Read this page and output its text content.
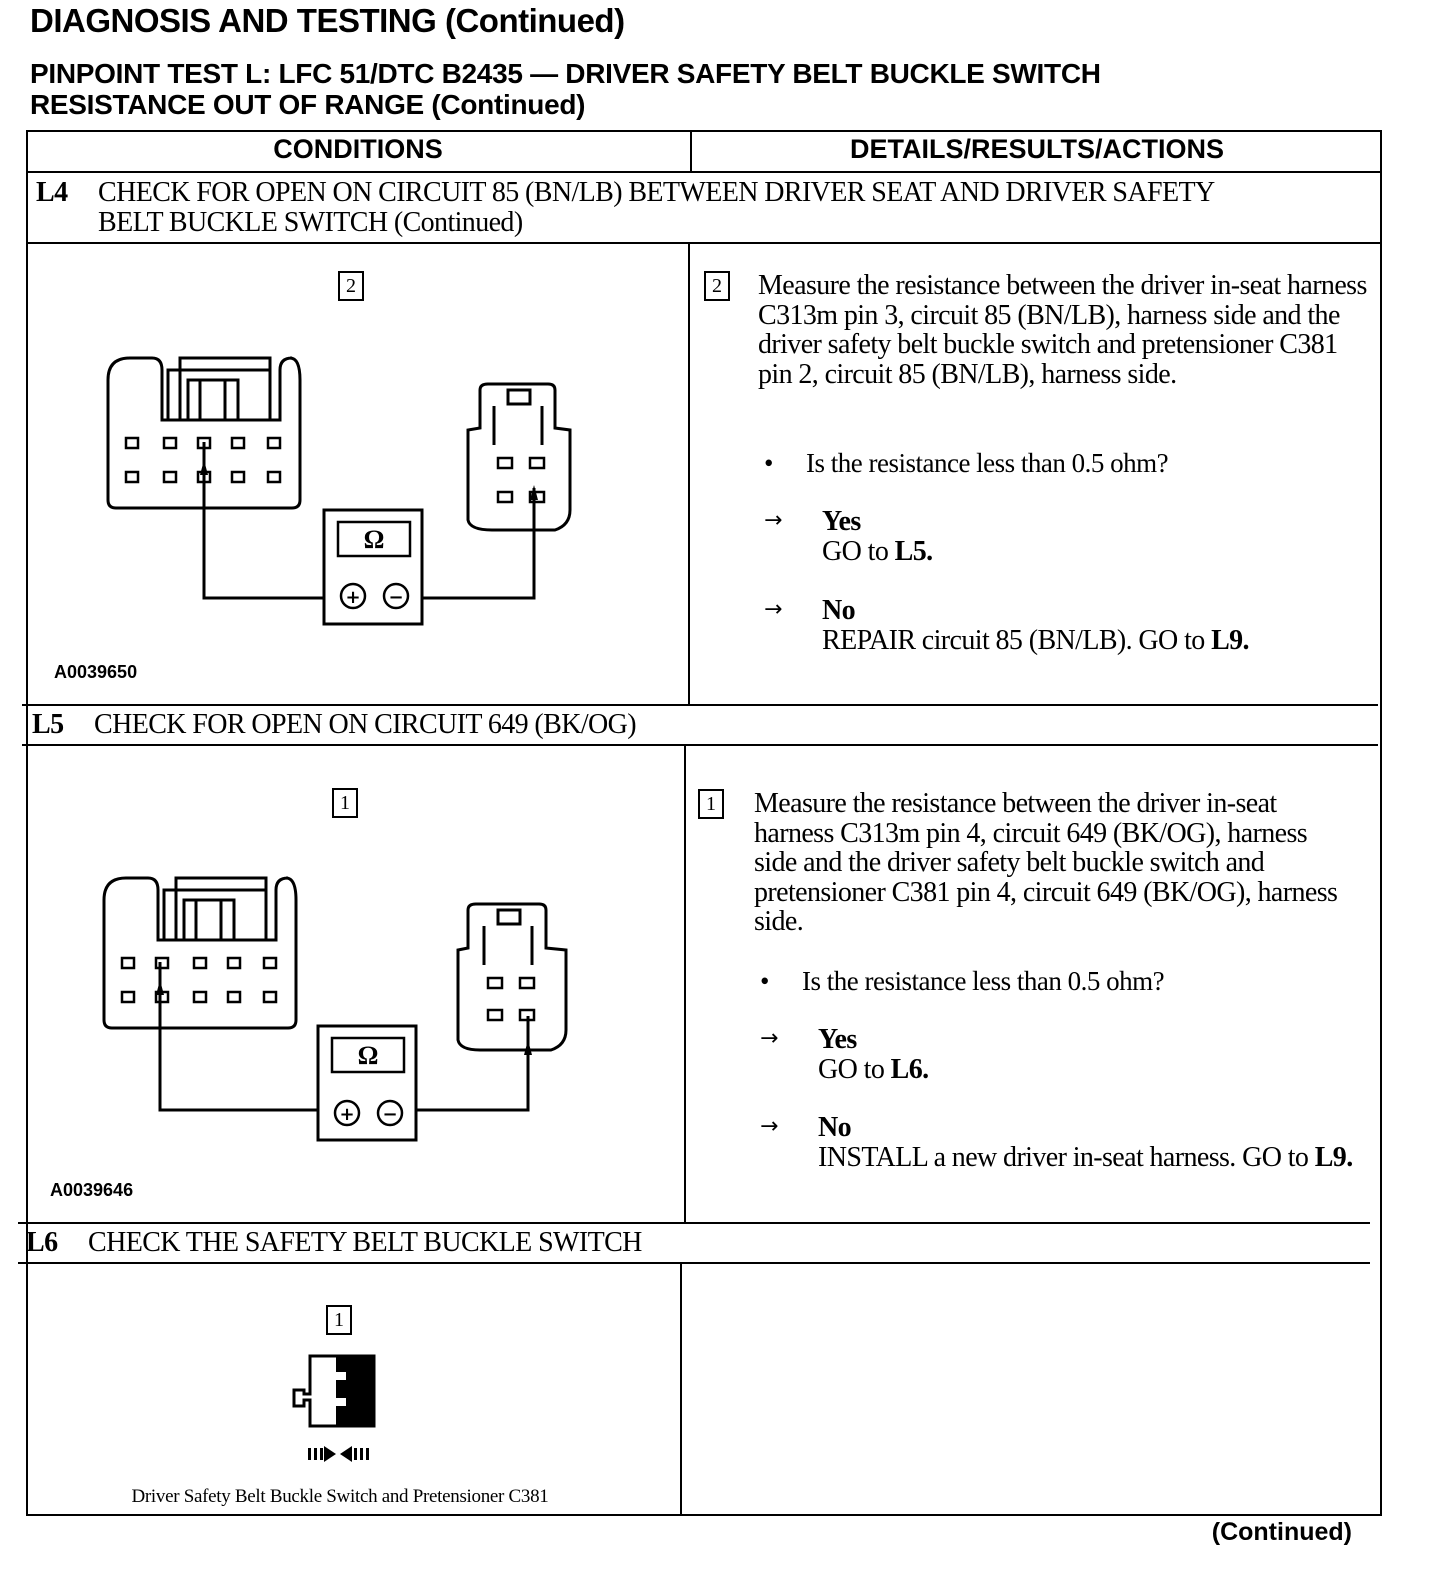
DIAGNOSIS AND TESTING (Continued)
PINPOINT TEST L: LFC 51/DTC B2435 — DRIVER SAFETY BELT BUCKLE SWITCH
RESISTANCE OUT OF RANGE (Continued)
CONDITIONS	DETAILS/RESULTS/ACTIONS
L4 CHECK FOR OPEN ON CIRCUIT 85 (BN/LB) BETWEEN DRIVER SEAT AND DRIVER SAFETY
BELT BUCKLE SWITCH (Continued)
2
+ −
Ω
A0039650
2 Measure the resistance between the driver in-seat harness C313m pin 3, circuit 85 (BN/LB), harness side and the driver safety belt buckle switch and pretensioner C381 pin 2, circuit 85 (BN/LB), harness side.
• Is the resistance less than 0.5 ohm?
→ Yes
GO to L5.
→ No
REPAIR circuit 85 (BN/LB). GO to L9.
L5 CHECK FOR OPEN ON CIRCUIT 649 (BK/OG)
1
+ −
Ω
A0039646
1 Measure the resistance between the driver in-seat harness C313m pin 4, circuit 649 (BK/OG), harness side and the driver safety belt buckle switch and pretensioner C381 pin 4, circuit 649 (BK/OG), harness side.
• Is the resistance less than 0.5 ohm?
→ Yes
GO to L6.
→ No
INSTALL a new driver in-seat harness. GO to L9.
L6 CHECK THE SAFETY BELT BUCKLE SWITCH
1
Driver Safety Belt Buckle Switch and Pretensioner C381
(Continued)
